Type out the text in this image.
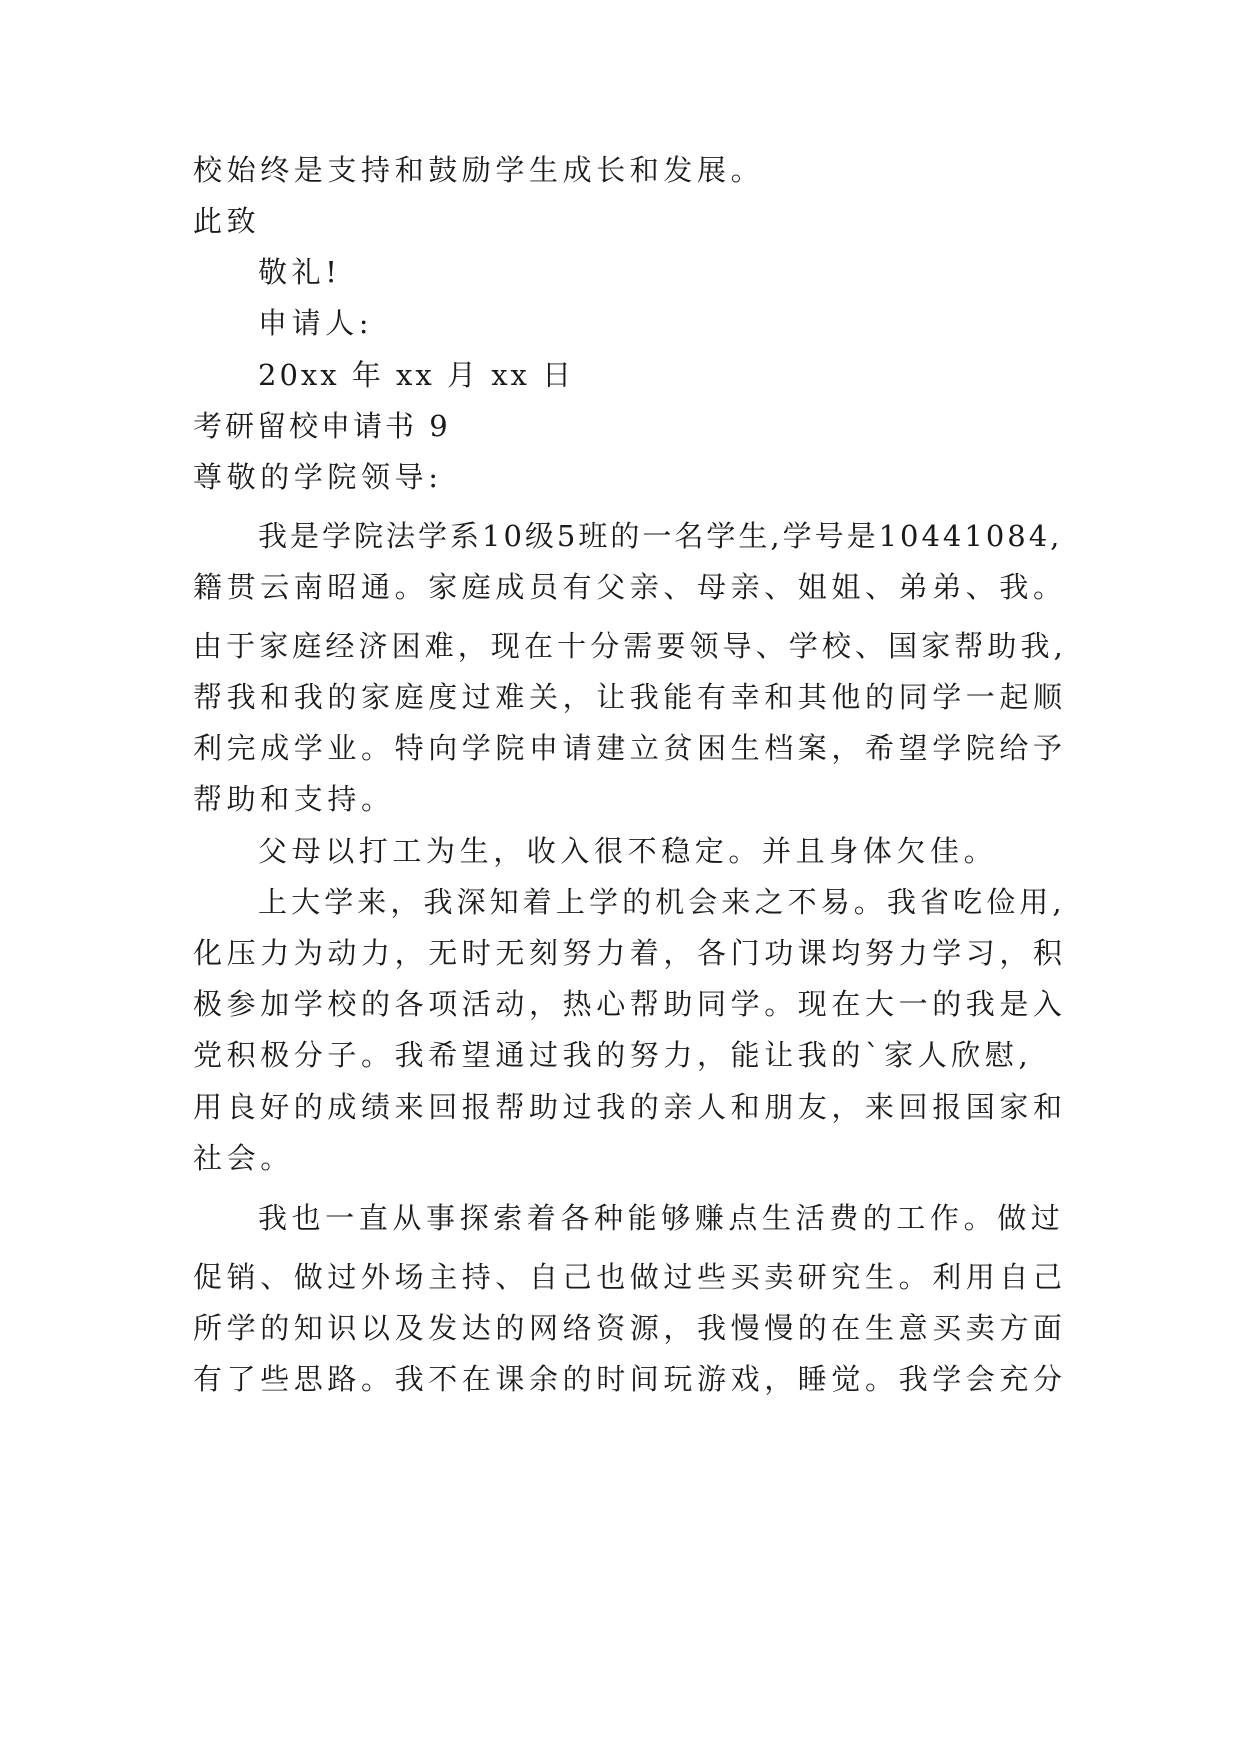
校始终是支持和鼓励学生成长和发展。
此致
敬礼!
申请人:
20xx 年 xx 月 xx 日
考研留校申请书 9
尊敬的学院领导:
我是学院法学系10级5班的一名学生,学号是10441084,
籍贯云南昭通。家庭成员有父亲、母亲、姐姐、弟弟、我。
由于家庭经济困难，现在十分需要领导、学校、国家帮助我,
帮我和我的家庭度过难关，让我能有幸和其他的同学一起顺
利完成学业。特向学院申请建立贫困生档案，希望学院给予
帮助和支持。
父母以打工为生，收入很不稳定。并且身体欠佳。
上大学来，我深知着上学的机会来之不易。我省吃俭用,
化压力为动力，无时无刻努力着，各门功课均努力学习，积
极参加学校的各项活动，热心帮助同学。现在大一的我是入
党积极分子。我希望通过我的努力，能让我的`家人欣慰,
用良好的成绩来回报帮助过我的亲人和朋友，来回报国家和
社会。
我也一直从事探索着各种能够赚点生活费的工作。做过
促销、做过外场主持、自己也做过些买卖研究生。利用自己
所学的知识以及发达的网络资源，我慢慢的在生意买卖方面
有了些思路。我不在课余的时间玩游戏，睡觉。我学会充分
